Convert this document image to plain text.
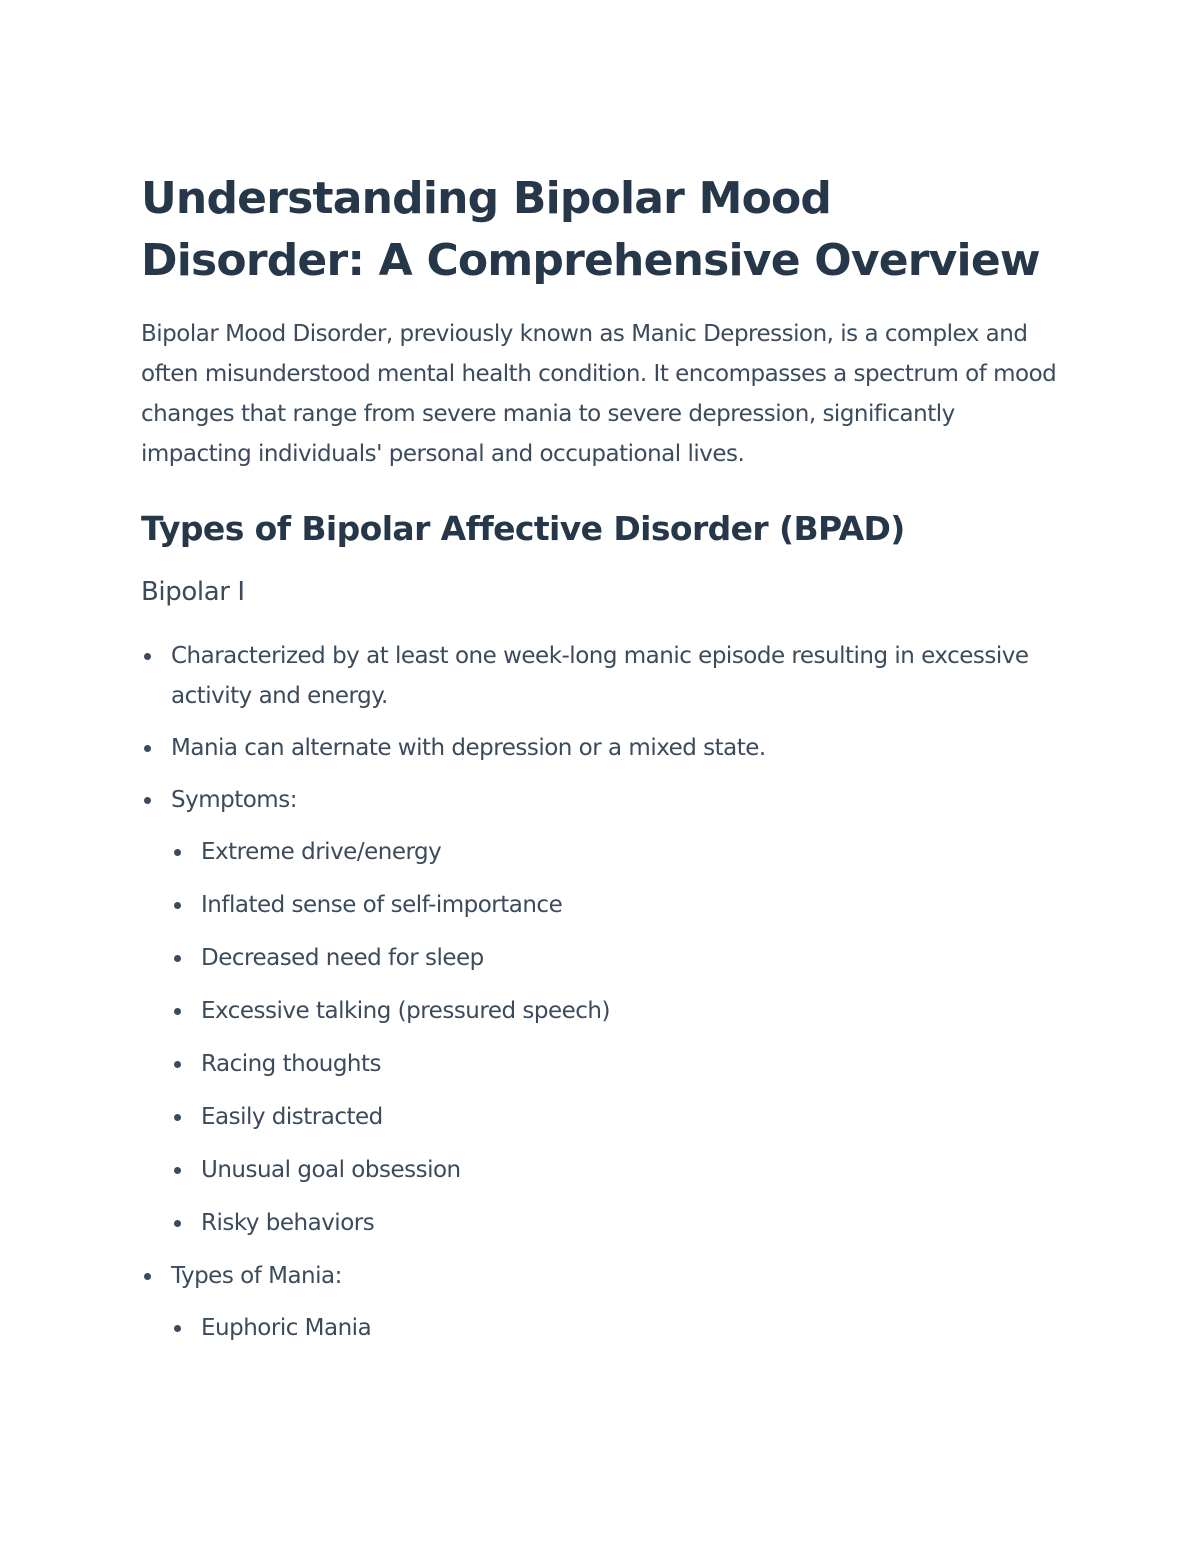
Understanding Bipolar Mood Disorder: A Comprehensive Overview

Bipolar Mood Disorder, previously known as Manic Depression, is a complex and often misunderstood mental health condition. It encompasses a spectrum of mood changes that range from severe mania to severe depression, significantly impacting individuals' personal and occupational lives.

Types of Bipolar Affective Disorder (BPAD)
Bipolar I
Characterized by at least one week-long manic episode resulting in excessive activity and energy.
Mania can alternate with depression or a mixed state.
Symptoms:
Extreme drive/energy
Inflated sense of self-importance
Decreased need for sleep
Excessive talking (pressured speech)
Racing thoughts
Easily distracted
Unusual goal obsession
Risky behaviors
Types of Mania:
Euphoric Mania
